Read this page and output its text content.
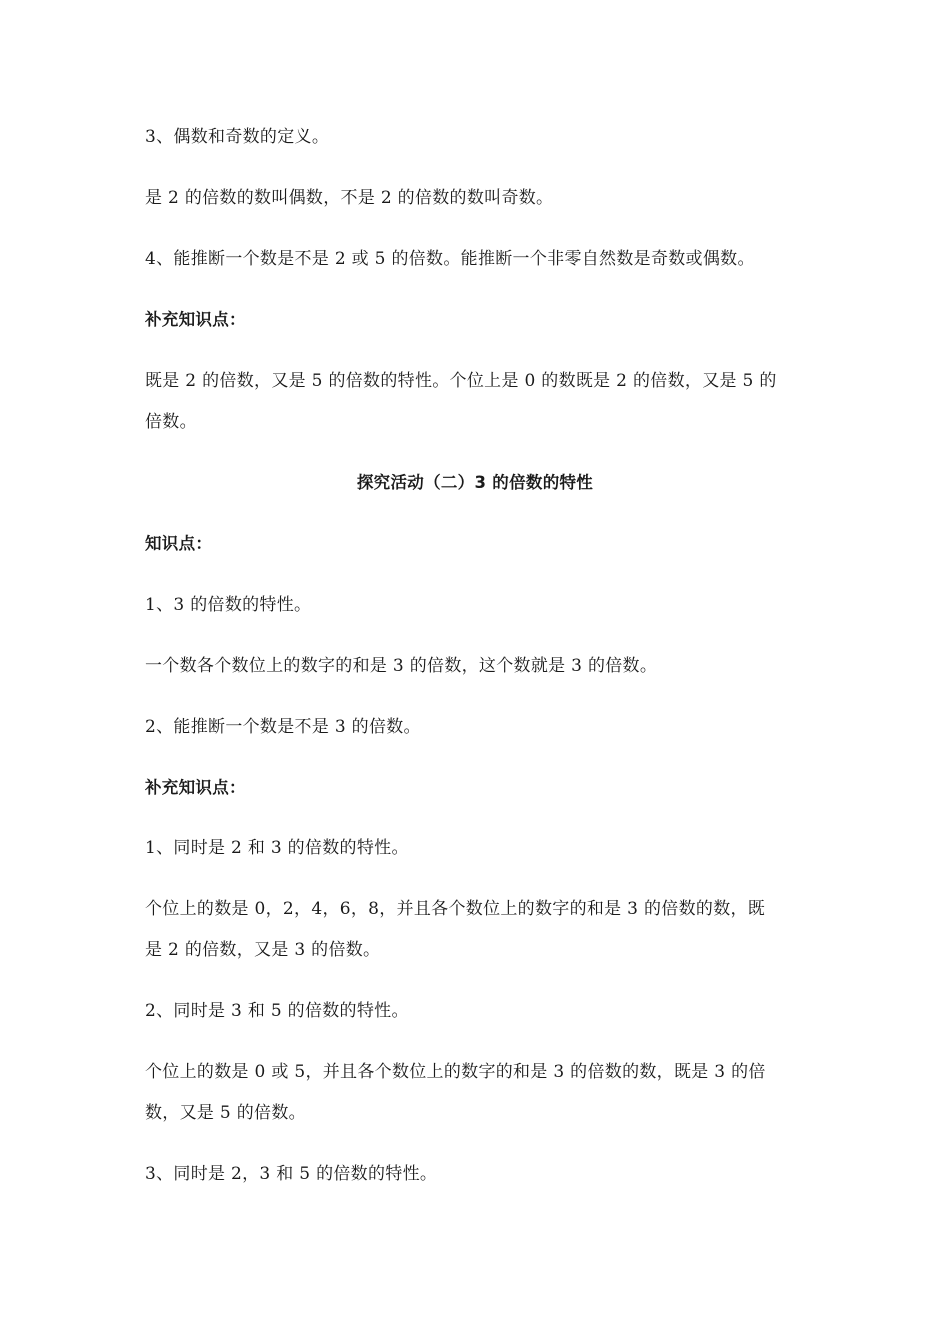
3、偶数和奇数的定义。
是 2 的倍数的数叫偶数，不是 2 的倍数的数叫奇数。
4、能推断一个数是不是 2 或 5 的倍数。能推断一个非零自然数是奇数或偶数。
补充知识点：
既是 2 的倍数，又是 5 的倍数的特性。个位上是 0 的数既是 2 的倍数，又是 5 的
倍数。
探究活动（二）3 的倍数的特性
知识点：
1、3 的倍数的特性。
一个数各个数位上的数字的和是 3 的倍数，这个数就是 3 的倍数。
2、能推断一个数是不是 3 的倍数。
补充知识点：
1、同时是 2 和 3 的倍数的特性。
个位上的数是 0，2，4，6，8，并且各个数位上的数字的和是 3 的倍数的数，既
是 2 的倍数，又是 3 的倍数。
2、同时是 3 和 5 的倍数的特性。
个位上的数是 0 或 5，并且各个数位上的数字的和是 3 的倍数的数，既是 3 的倍
数，又是 5 的倍数。
3、同时是 2，3 和 5 的倍数的特性。
